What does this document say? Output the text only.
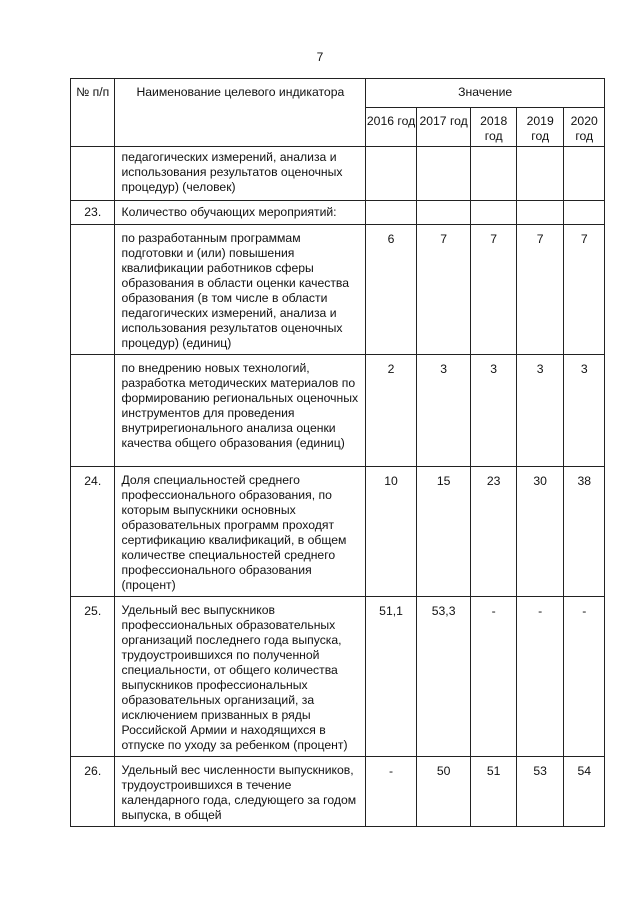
7
№ п/п	Наименование целевого индикатора	Значение				
		2016 год	2017 год	2018 год	2019 год	2020 год
	педагогических измерений, анализа и использования результатов оценочных процедур) (человек)					
23.	Количество обучающих мероприятий:					
	по разработанным программам подготовки и (или) повышения квалификации работников сферы образования в области оценки качества образования (в том числе в области педагогических измерений, анализа и использования результатов оценочных процедур) (единиц)	6	7	7	7	7
	по внедрению новых технологий, разработка методических материалов по формированию региональных оценочных инструментов для проведения внутрирегионального анализа оценки качества общего образования (единиц)	2	3	3	3	3
24.	Доля специальностей среднего профессионального образования, по которым выпускники основных образовательных программ проходят сертификацию квалификаций, в общем количестве специальностей среднего профессионального образования (процент)	10	15	23	30	38
25.	Удельный вес выпускников профессиональных образовательных организаций последнего года выпуска, трудоустроившихся по полученной специальности, от общего количества выпускников профессиональных образовательных организаций, за исключением призванных в ряды Российской Армии и находящихся в отпуске по уходу за ребенком (процент)	51,1	53,3	-	-	-
26.	Удельный вес численности выпускников, трудоустроившихся в течение календарного года, следующего за годом выпуска, в общей	-	50	51	53	54
